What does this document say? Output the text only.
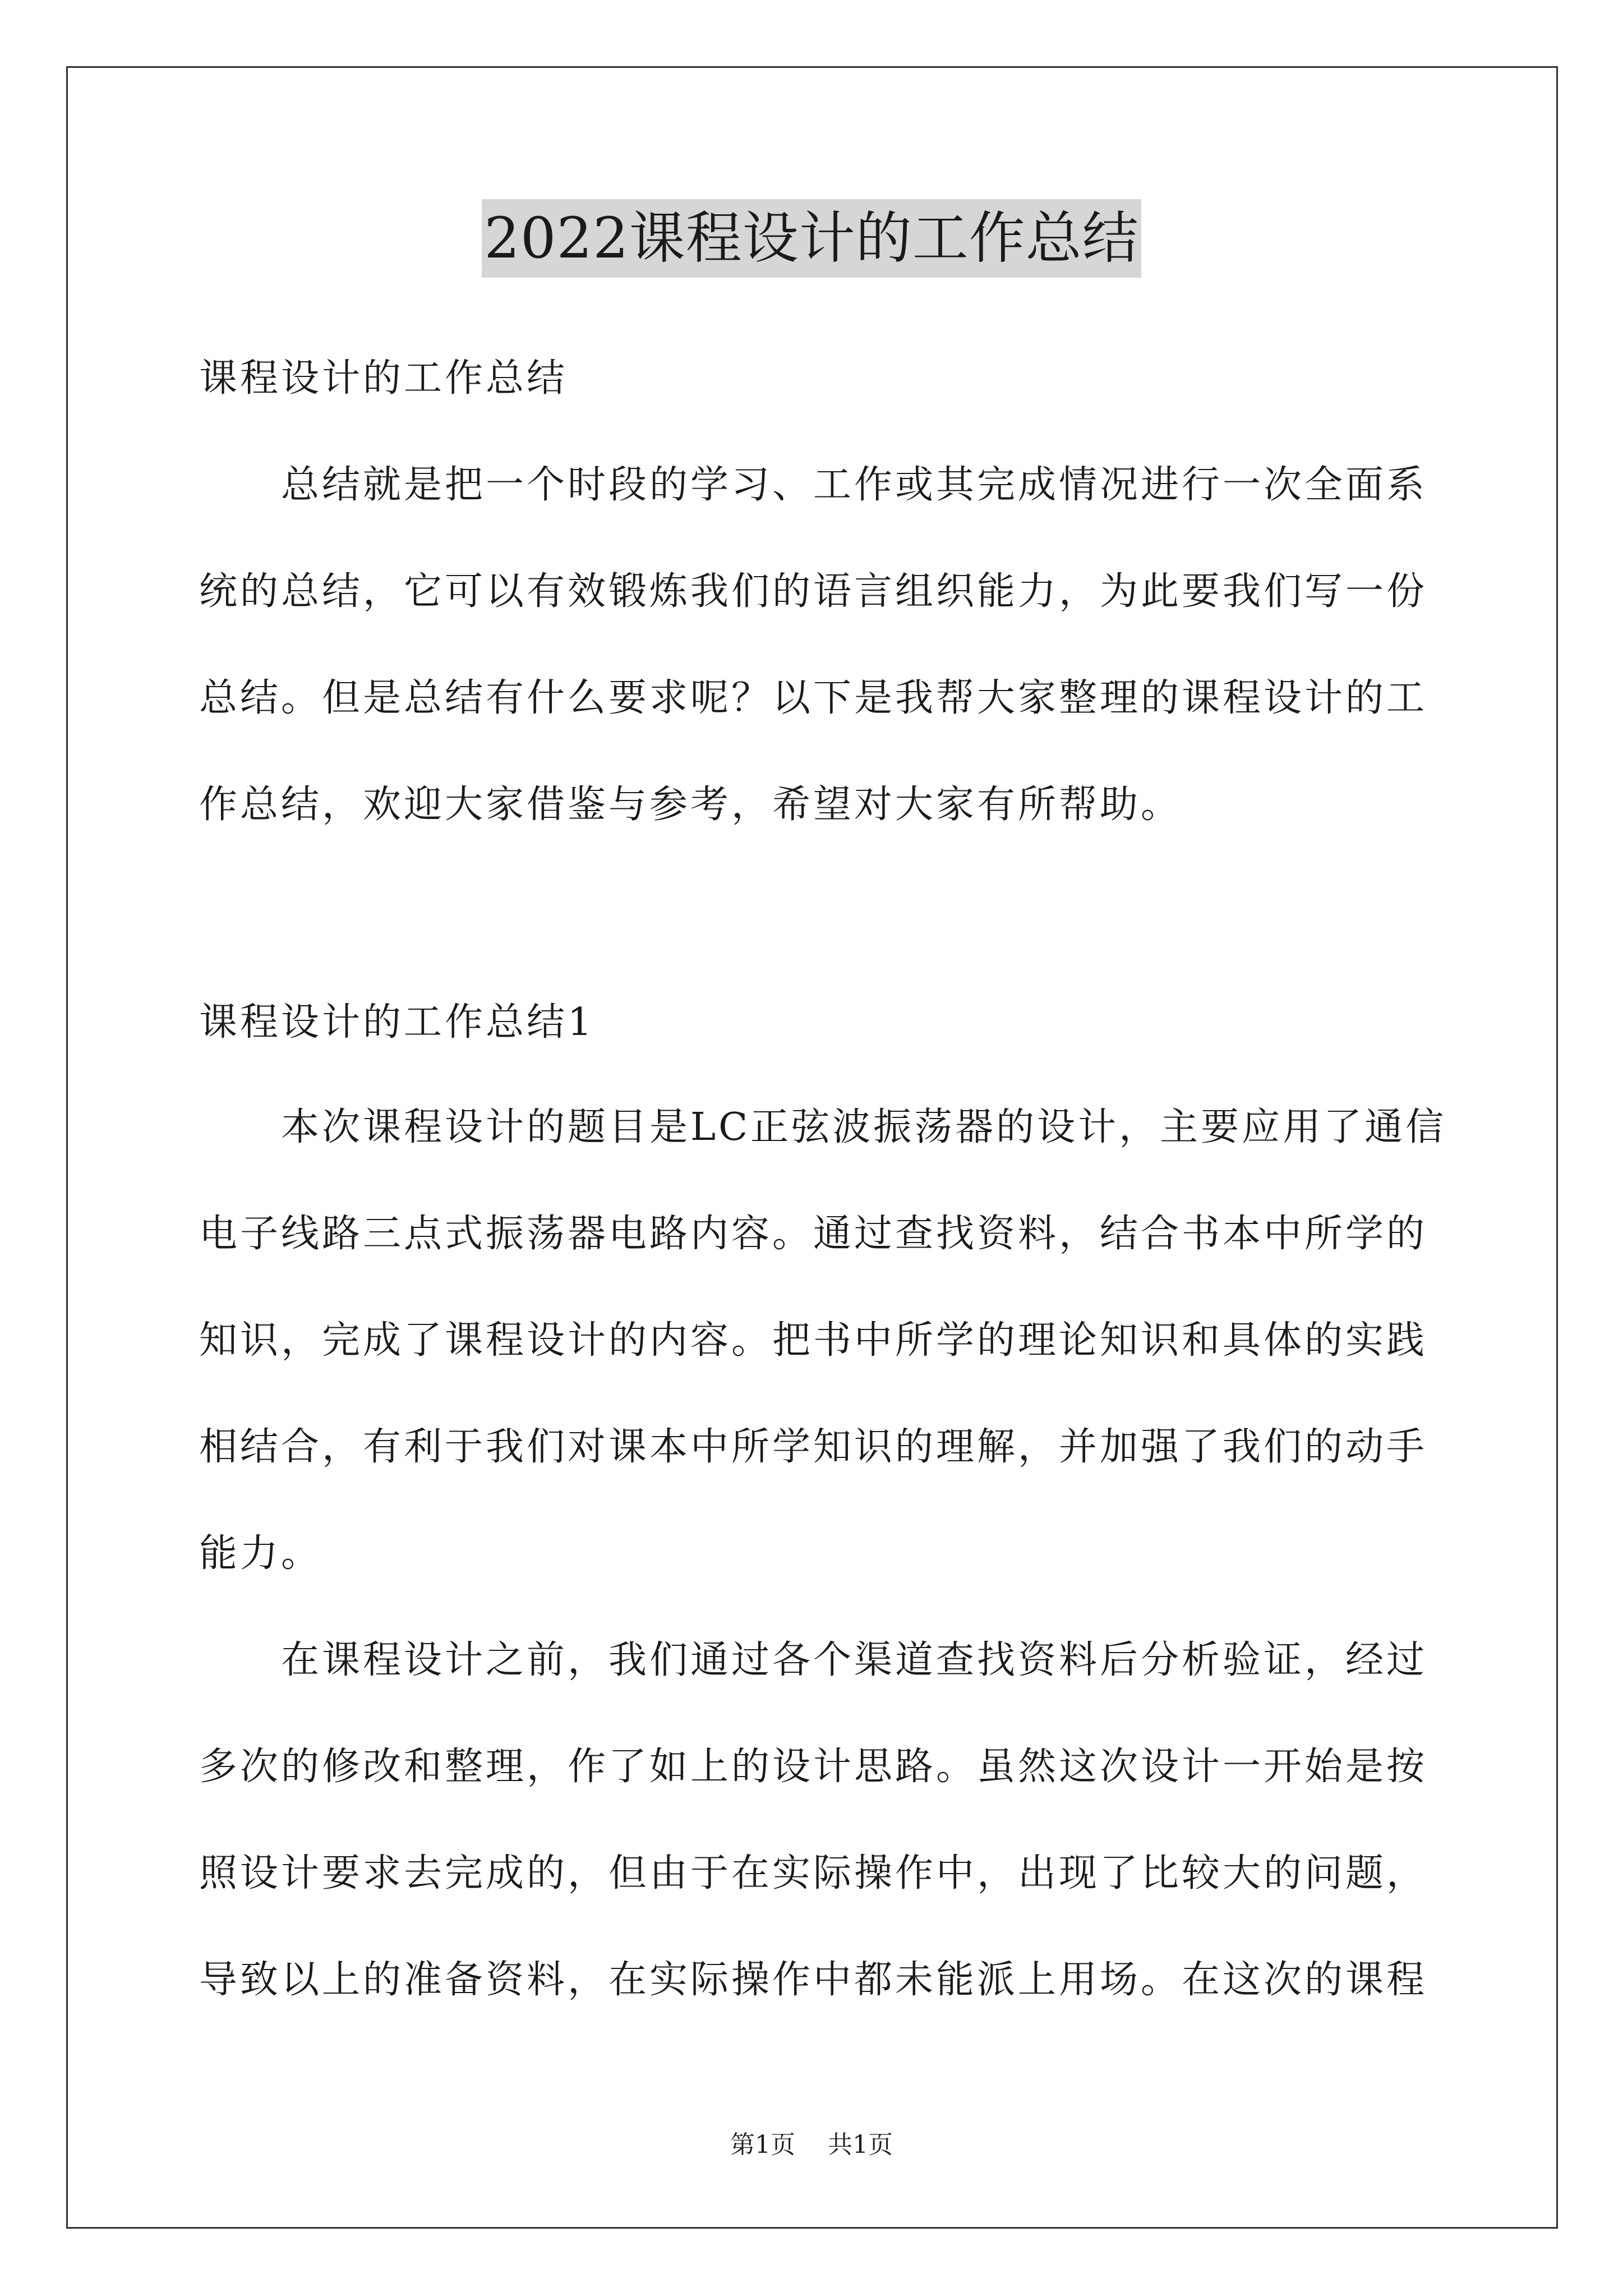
2022课程设计的工作总结
课程设计的工作总结
总结就是把一个时段的学习、工作或其完成情况进行一次全面系
统的总结，它可以有效锻炼我们的语言组织能力，为此要我们写一份
总结。但是总结有什么要求呢？以下是我帮大家整理的课程设计的工
作总结，欢迎大家借鉴与参考，希望对大家有所帮助。
课程设计的工作总结1
本次课程设计的题目是LC正弦波振荡器的设计，主要应用了通信
电子线路三点式振荡器电路内容。通过查找资料，结合书本中所学的
知识，完成了课程设计的内容。把书中所学的理论知识和具体的实践
相结合，有利于我们对课本中所学知识的理解，并加强了我们的动手
能力。
在课程设计之前，我们通过各个渠道查找资料后分析验证，经过
多次的修改和整理，作了如上的设计思路。虽然这次设计一开始是按
照设计要求去完成的，但由于在实际操作中，出现了比较大的问题，
导致以上的准备资料，在实际操作中都未能派上用场。在这次的课程
第1页 共1页
